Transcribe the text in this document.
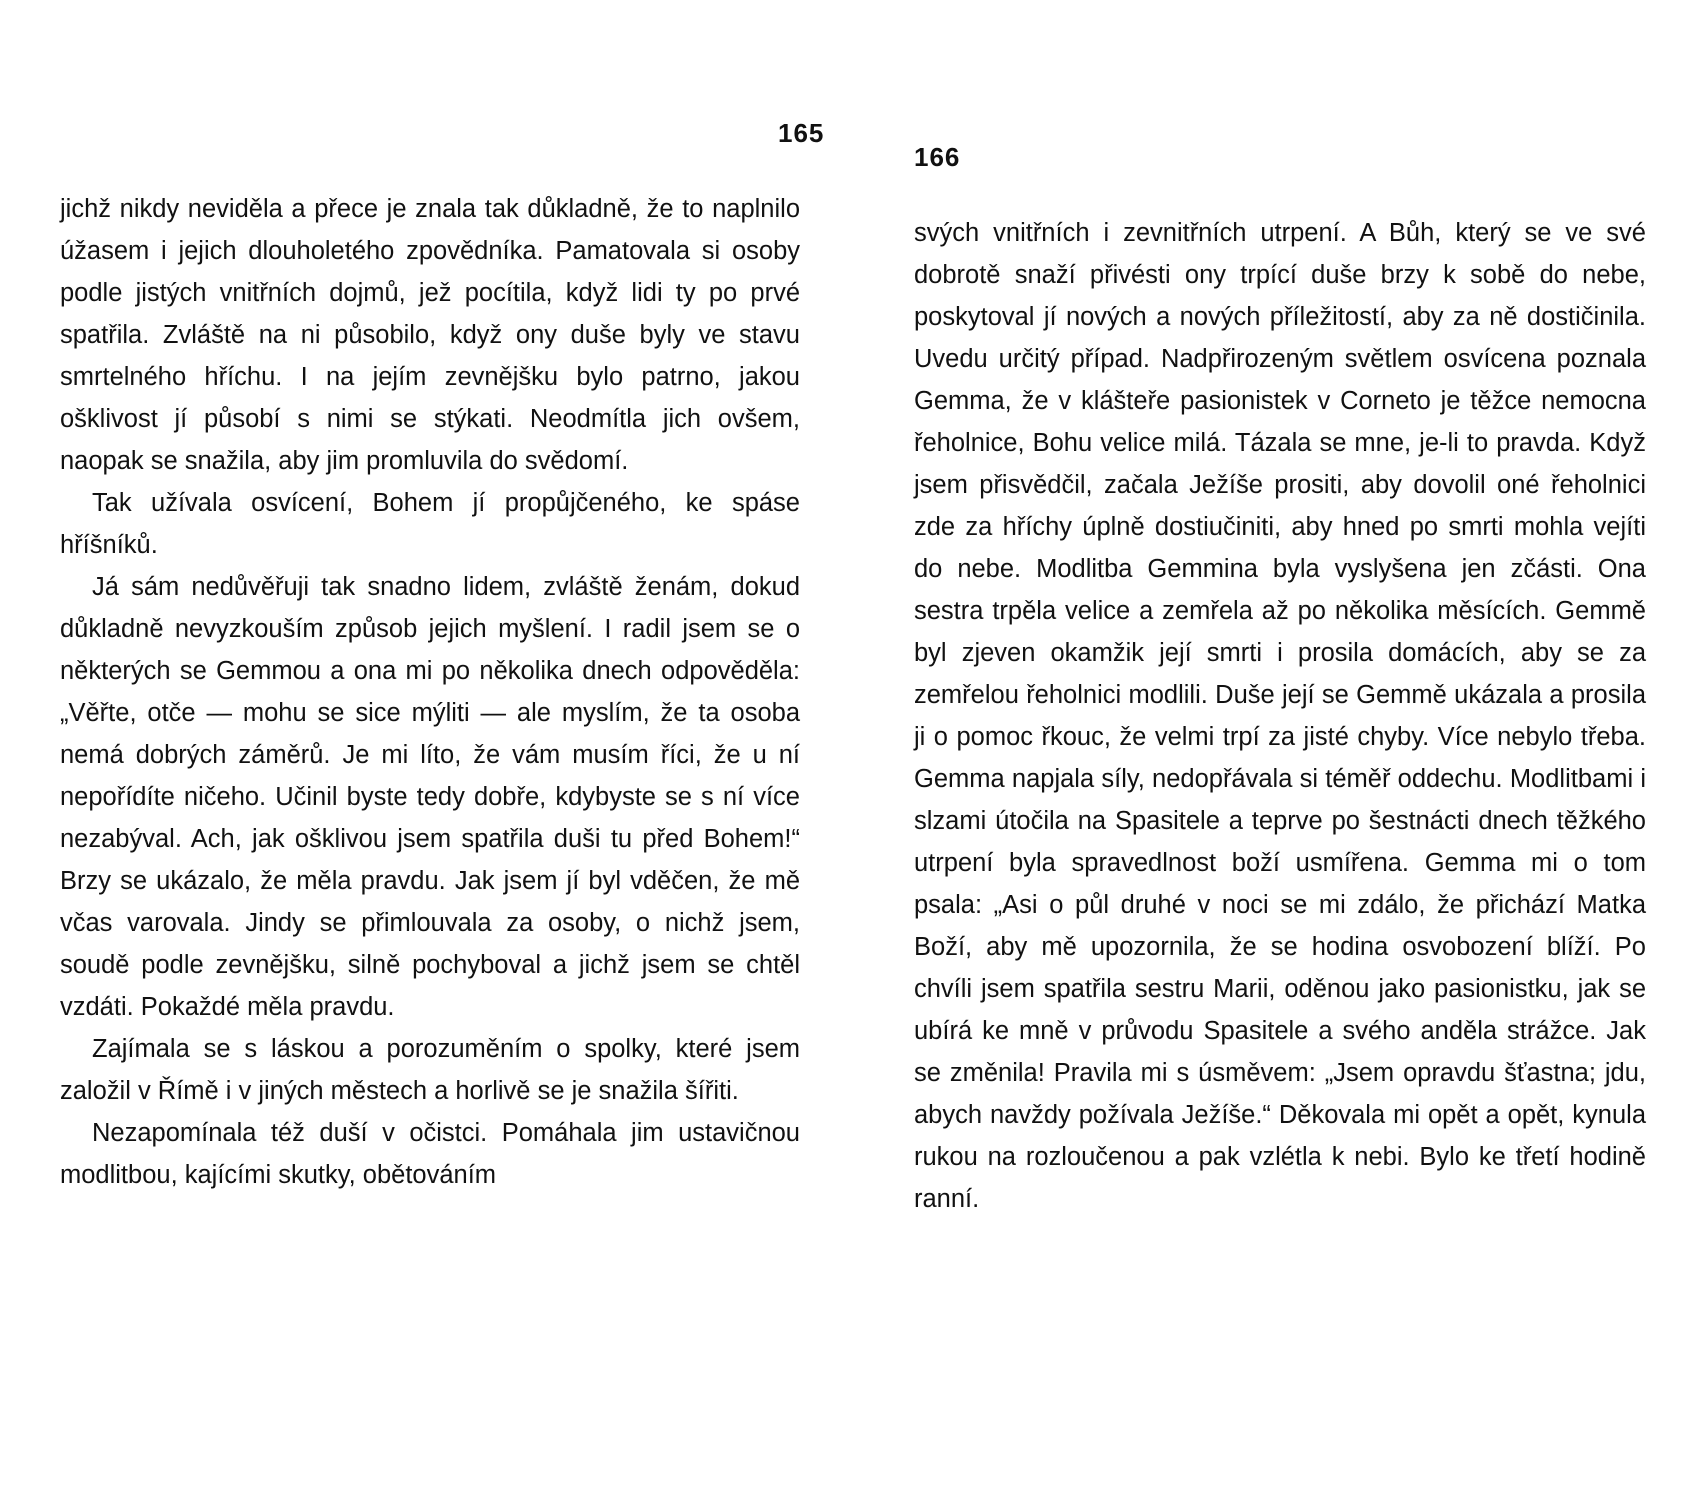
165

jichž nikdy neviděla a přece je znala tak důkladně, že to naplnilo úžasem i jejich dlouholetého zpovědníka. Pamatovala si osoby podle jistých vnitřních dojmů, jež pocítila, když lidi ty po prvé spatřila. Zvláště na ni působilo, když ony duše byly ve stavu smrtelného hříchu. I na jejím zevnějšku bylo patrno, jakou ošklivost jí působí s nimi se stýkati. Neodmítla jich ovšem, naopak se snažila, aby jim promluvila do svědomí.

Tak užívala osvícení, Bohem jí propůjčeného, ke spáse hříšníků.

Já sám nedůvěřuji tak snadno lidem, zvláště ženám, dokud důkladně nevyzkouším způsob jejich myšlení. I radil jsem se o některých se Gemmou a ona mi po několika dnech odpověděla: „Věřte, otče — mohu se sice mýliti — ale myslím, že ta osoba nemá dobrých záměrů. Je mi líto, že vám musím říci, že u ní nepořídíte ničeho. Učinil byste tedy dobře, kdybyste se s ní více nezabýval. Ach, jak ošklivou jsem spatřila duši tu před Bohem!“ Brzy se ukázalo, že měla pravdu. Jak jsem jí byl vděčen, že mě včas varovala. Jindy se přimlouvala za osoby, o nichž jsem, soudě podle zevnějšku, silně pochyboval a jichž jsem se chtěl vzdáti. Pokaždé měla pravdu.

Zajímala se s láskou a porozuměním o spolky, které jsem založil v Římě i v jiných městech a horlivě se je snažila šířiti.

Nezapomínala též duší v očistci. Pomáhala jim ustavičnou modlitbou, kajícími skutky, obětováním

166

svých vnitřních i zevnitřních utrpení. A Bůh, který se ve své dobrotě snaží přivésti ony trpící duše brzy k sobě do nebe, poskytoval jí nových a nových příležitostí, aby za ně dostičinila. Uvedu určitý případ. Nadpřirozeným světlem osvícena poznala Gemma, že v klášteře pasionistek v Corneto je těžce nemocna řeholnice, Bohu velice milá. Tázala se mne, je-li to pravda. Když jsem přisvědčil, začala Ježíše prositi, aby dovolil oné řeholnici zde za hříchy úplně dostiučiniti, aby hned po smrti mohla vejíti do nebe. Modlitba Gemmina byla vyslyšena jen zčásti. Ona sestra trpěla velice a zemřela až po několika měsících. Gemmě byl zjeven okamžik její smrti i prosila domácích, aby se za zemřelou řeholnici modlili. Duše její se Gemmě ukázala a prosila ji o pomoc řkouc, že velmi trpí za jisté chyby. Více nebylo třeba. Gemma napjala síly, nedopřávala si téměř oddechu. Modlitbami i slzami útočila na Spasitele a teprve po šestnácti dnech těžkého utrpení byla spravedlnost boží usmířena. Gemma mi o tom psala: „Asi o půl druhé v noci se mi zdálo, že přichází Matka Boží, aby mě upozornila, že se hodina osvobození blíží. Po chvíli jsem spatřila sestru Marii, oděnou jako pasionistku, jak se ubírá ke mně v průvodu Spasitele a svého anděla strážce. Jak se změnila! Pravila mi s úsměvem: „Jsem opravdu šťastna; jdu, abych navždy požívala Ježíše.“ Děkovala mi opět a opět, kynula rukou na rozloučenou a pak vzlétla k nebi. Bylo ke třetí hodině ranní.
